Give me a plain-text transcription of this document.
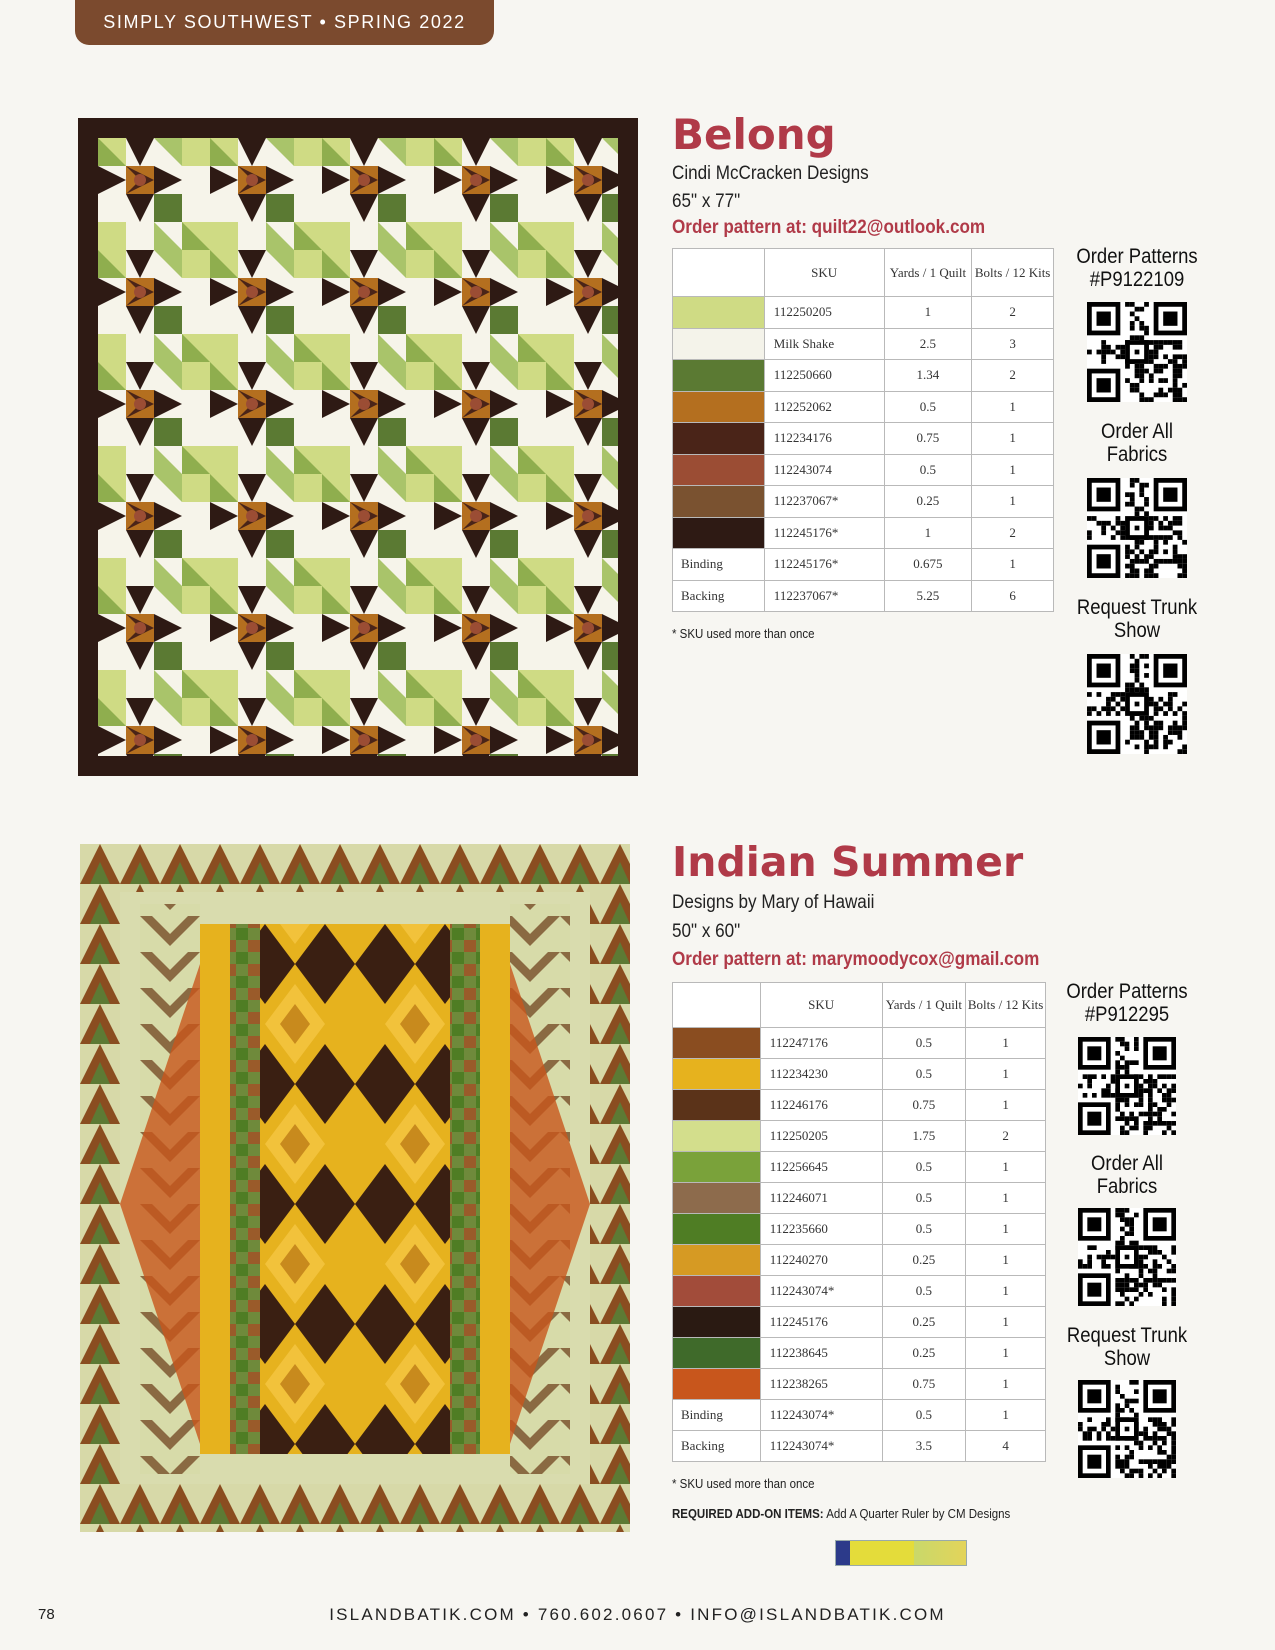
SIMPLY SOUTHWEST • SPRING 2022
Belong
Cindi McCracken Designs
65" x 77"
Order pattern at: quilt22@outlook.com
	SKU	Yards / 1 Quilt	Bolts / 12 Kits

	112250205	1	2

	Milk Shake	2.5	3

	112250660	1.34	2

	112252062	0.5	1

	112234176	0.75	1

	112243074	0.5	1

	112237067*	0.25	1

	112245176*	1	2
Binding	112245176*	0.675	1
Backing	112237067*	5.25	6
* SKU used more than once
Order Patterns
#P9122109
Order All
Fabrics
Request Trunk
Show
Indian Summer
Designs by Mary of Hawaii
50" x 60"
Order pattern at: marymoodycox@gmail.com
	SKU	Yards / 1 Quilt	Bolts / 12 Kits

	112247176	0.5	1

	112234230	0.5	1

	112246176	0.75	1

	112250205	1.75	2

	112256645	0.5	1

	112246071	0.5	1

	112235660	0.5	1

	112240270	0.25	1

	112243074*	0.5	1

	112245176	0.25	1

	112238645	0.25	1

	112238265	0.75	1
Binding	112243074*	0.5	1
Backing	112243074*	3.5	4
* SKU used more than once
REQUIRED ADD-ON ITEMS: Add A Quarter Ruler by CM Designs
Order Patterns
#P912295
Order All
Fabrics
Request Trunk
Show
78	ISLANDBATIK.COM • 760.602.0607 • INFO@ISLANDBATIK.COM
